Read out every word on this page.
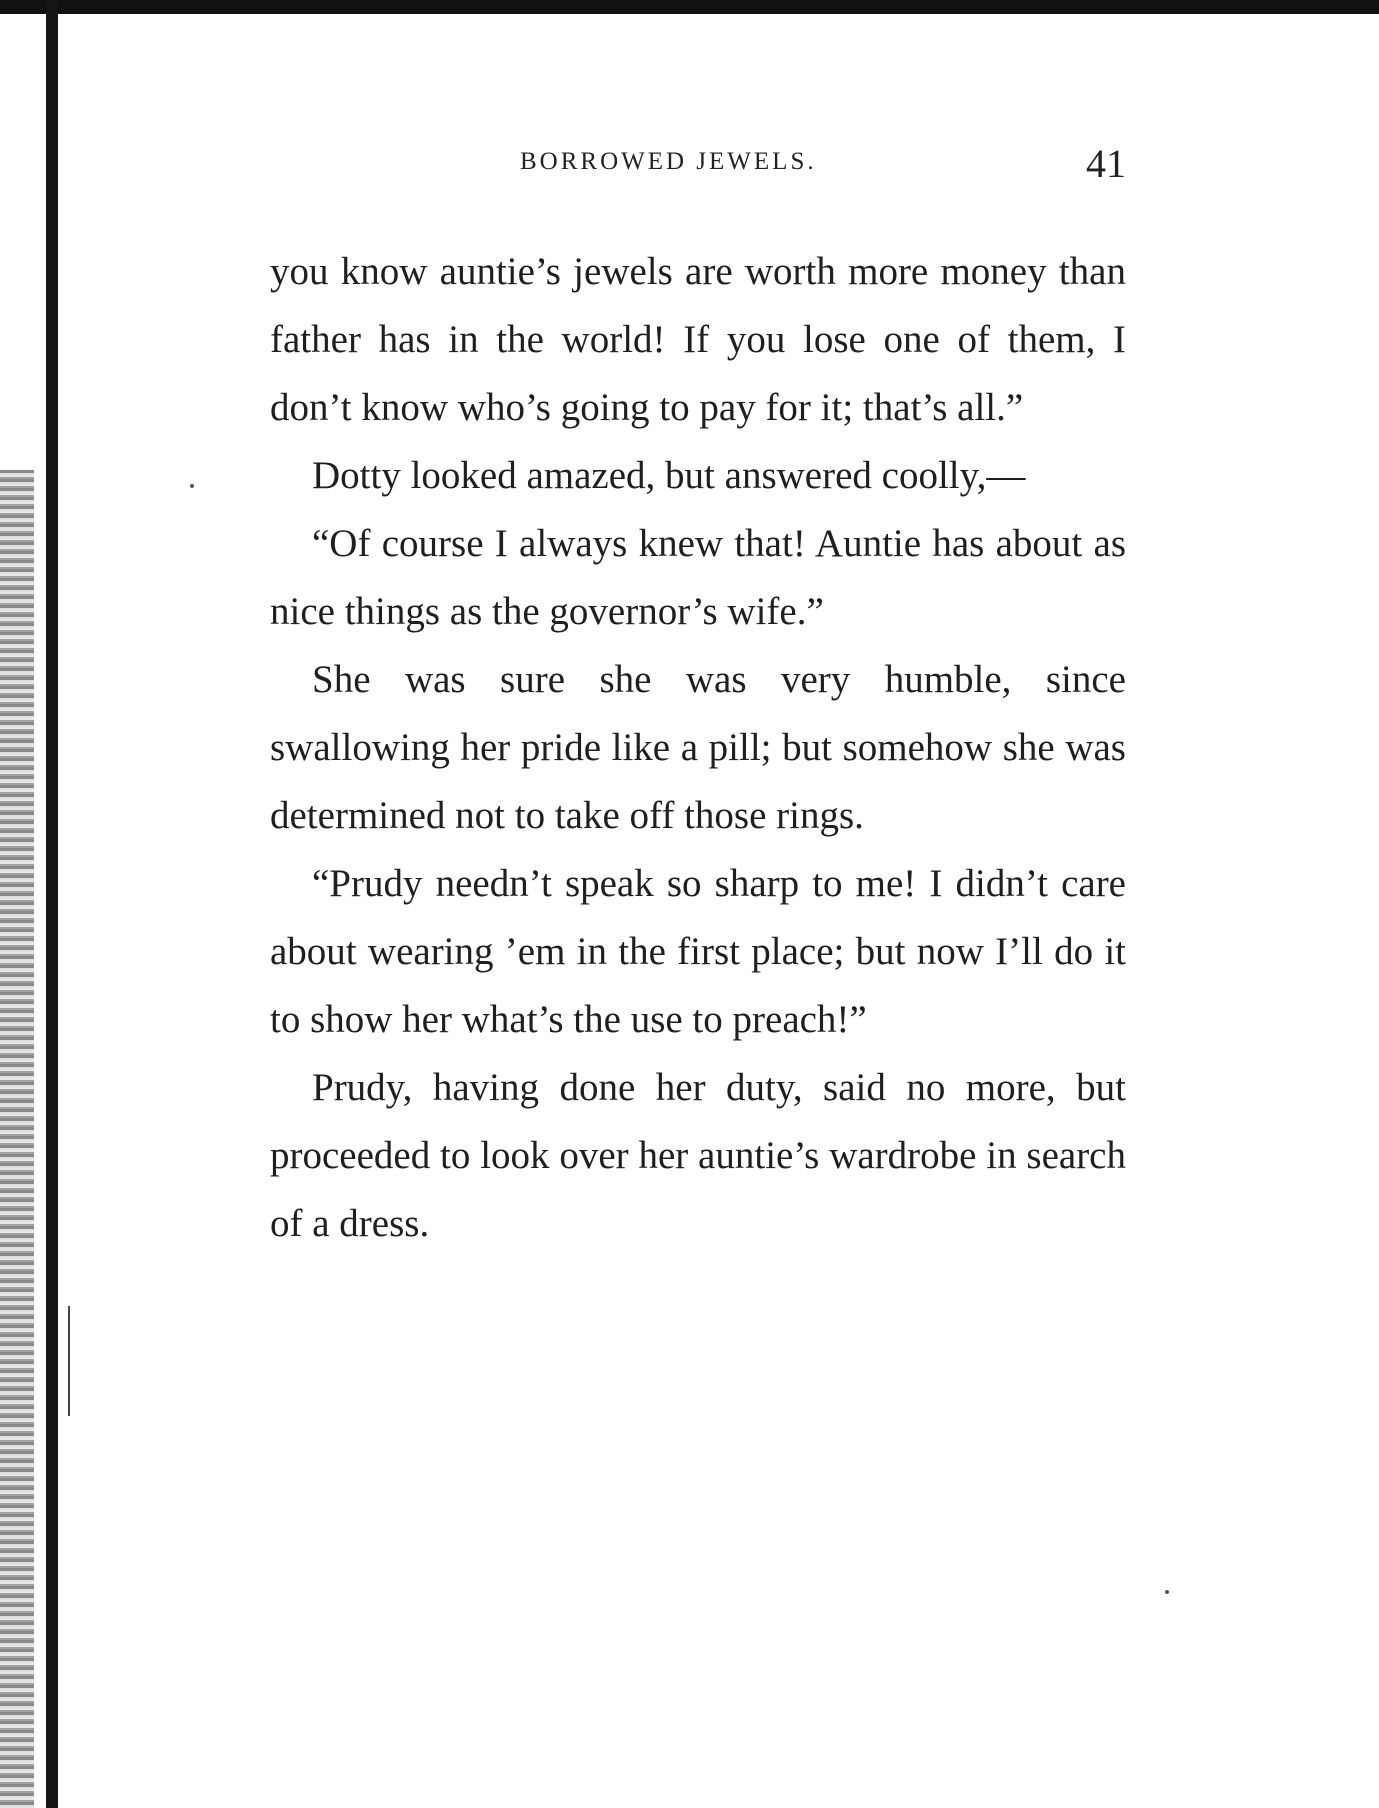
BORROWED JEWELS.	41

you know auntie’s jewels are worth more money than father has in the world! If you lose one of them, I don’t know who’s going to pay for it; that’s all.”

Dotty looked amazed, but answered coolly,—

“Of course I always knew that! Auntie has about as nice things as the governor’s wife.”

She was sure she was very humble, since swallowing her pride like a pill; but somehow she was determined not to take off those rings.

“Prudy needn’t speak so sharp to me! I didn’t care about wearing ’em in the first place; but now I’ll do it to show her what’s the use to preach!”

Prudy, having done her duty, said no more, but proceeded to look over her auntie’s wardrobe in search of a dress.
